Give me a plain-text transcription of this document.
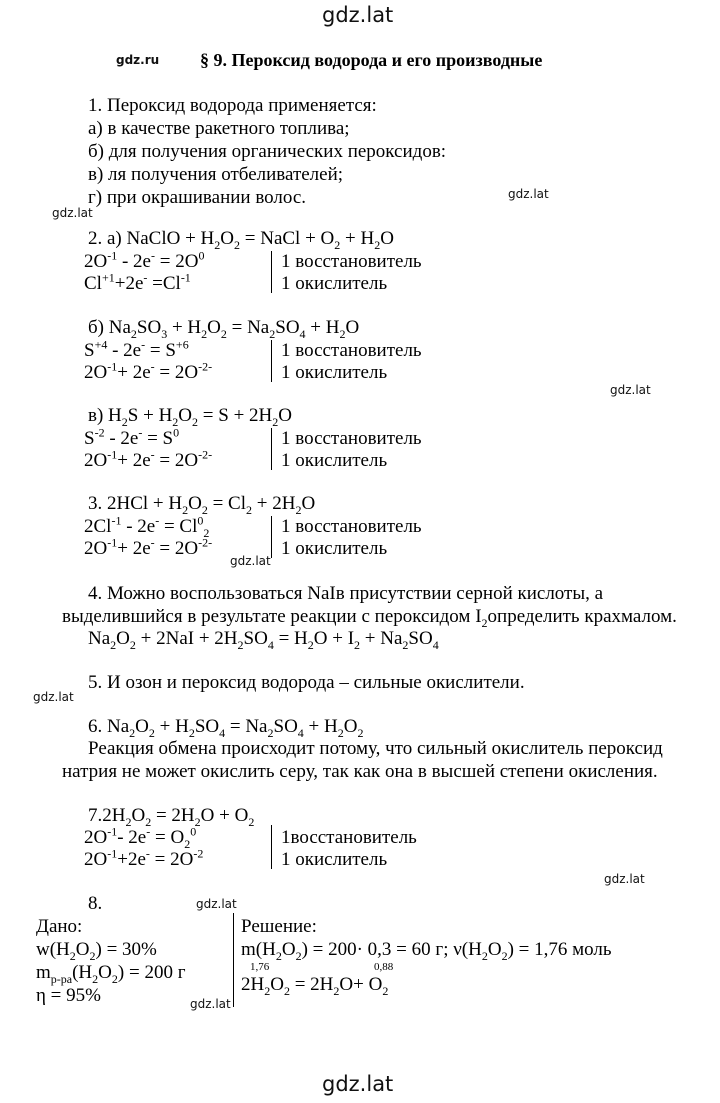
gdz.lat
gdz.ru
gdz.lat
gdz.lat
gdz.lat
gdz.lat
gdz.lat
gdz.lat
gdz.lat
gdz.lat
gdz.lat
§ 9. Пероксид водорода и его производные
1. Пероксид водорода применяется:
а) в качестве ракетного топлива;
б) для получения органических пероксидов:
в) ля получения отбеливателей;
г) при окрашивании волос.
2. а) NaClO + $H_2O_2$ = NaCl + $O_2 + H_2O$
$2O^{-1} - 2e^- = 2O^0$
$Cl^{+1}+2e^- =Cl^{-1}$
1 восстановитель
1 окислитель
б) $Na_2SO_3 + H_2O_2 = Na_2SO_4 + H_2O$
$S^{+4} - 2e^- = S^{+6}$
$2O^{-1}+ 2e^- = 2O^{-2-}$
1 восстановитель
1 окислитель
в) $H_2S + H_2O_2 = S + 2H_2O$
$S^{-2} - 2e^- = S^0$
$2O^{-1}+ 2e^- = 2O^{-2-}$
1 восстановитель
1 окислитель
3. $2HCl + H_2O_2 = Cl_2 + 2H_2O$
$2Cl^{-1} - 2e^- = Cl^0_2$
$2O^{-1}+ 2e^- = 2O^{-2-}$
1 восстановитель
1 окислитель
4. Можно воспользоваться NaIв присутствии серной кислоты, а
выделившийся в результате реакции с пероксидом $I_2определить$ крахмалом.
$Na_2O_2 + 2NaI + 2H_2SO_4 = H_2O + I_2 + Na_2SO_4$
5. И озон и пероксид водорода – сильные окислители.
6. $Na_2O_2 + H_2SO_4 = Na_2SO_4 + H_2O_2$
Реакция обмена происходит потому, что сильный окислитель пероксид
натрия не может окислить серу, так как она в высшей степени окисления.
$7.2H_2O_2 = 2H_2O + O_2$
$2O^{-1}-$ $2e^- = O_2^0$
$2O^{-1}+2e^- = 2O^{-2}$
1восстановитель
1 окислитель
8.
Дано:
$w(H_2O_2) = 30\%$
$m_{р-ра}(H_2O_2) = 200$ г
η = 95%
Решение:
$m(H_2O_2) = 200\cdot 0,3 = 60$ г; $\nu(H_2O_2) = 1,76$ моль
1,76	0,88
$2H_2O_2 = 2H_2O+ O_2$
